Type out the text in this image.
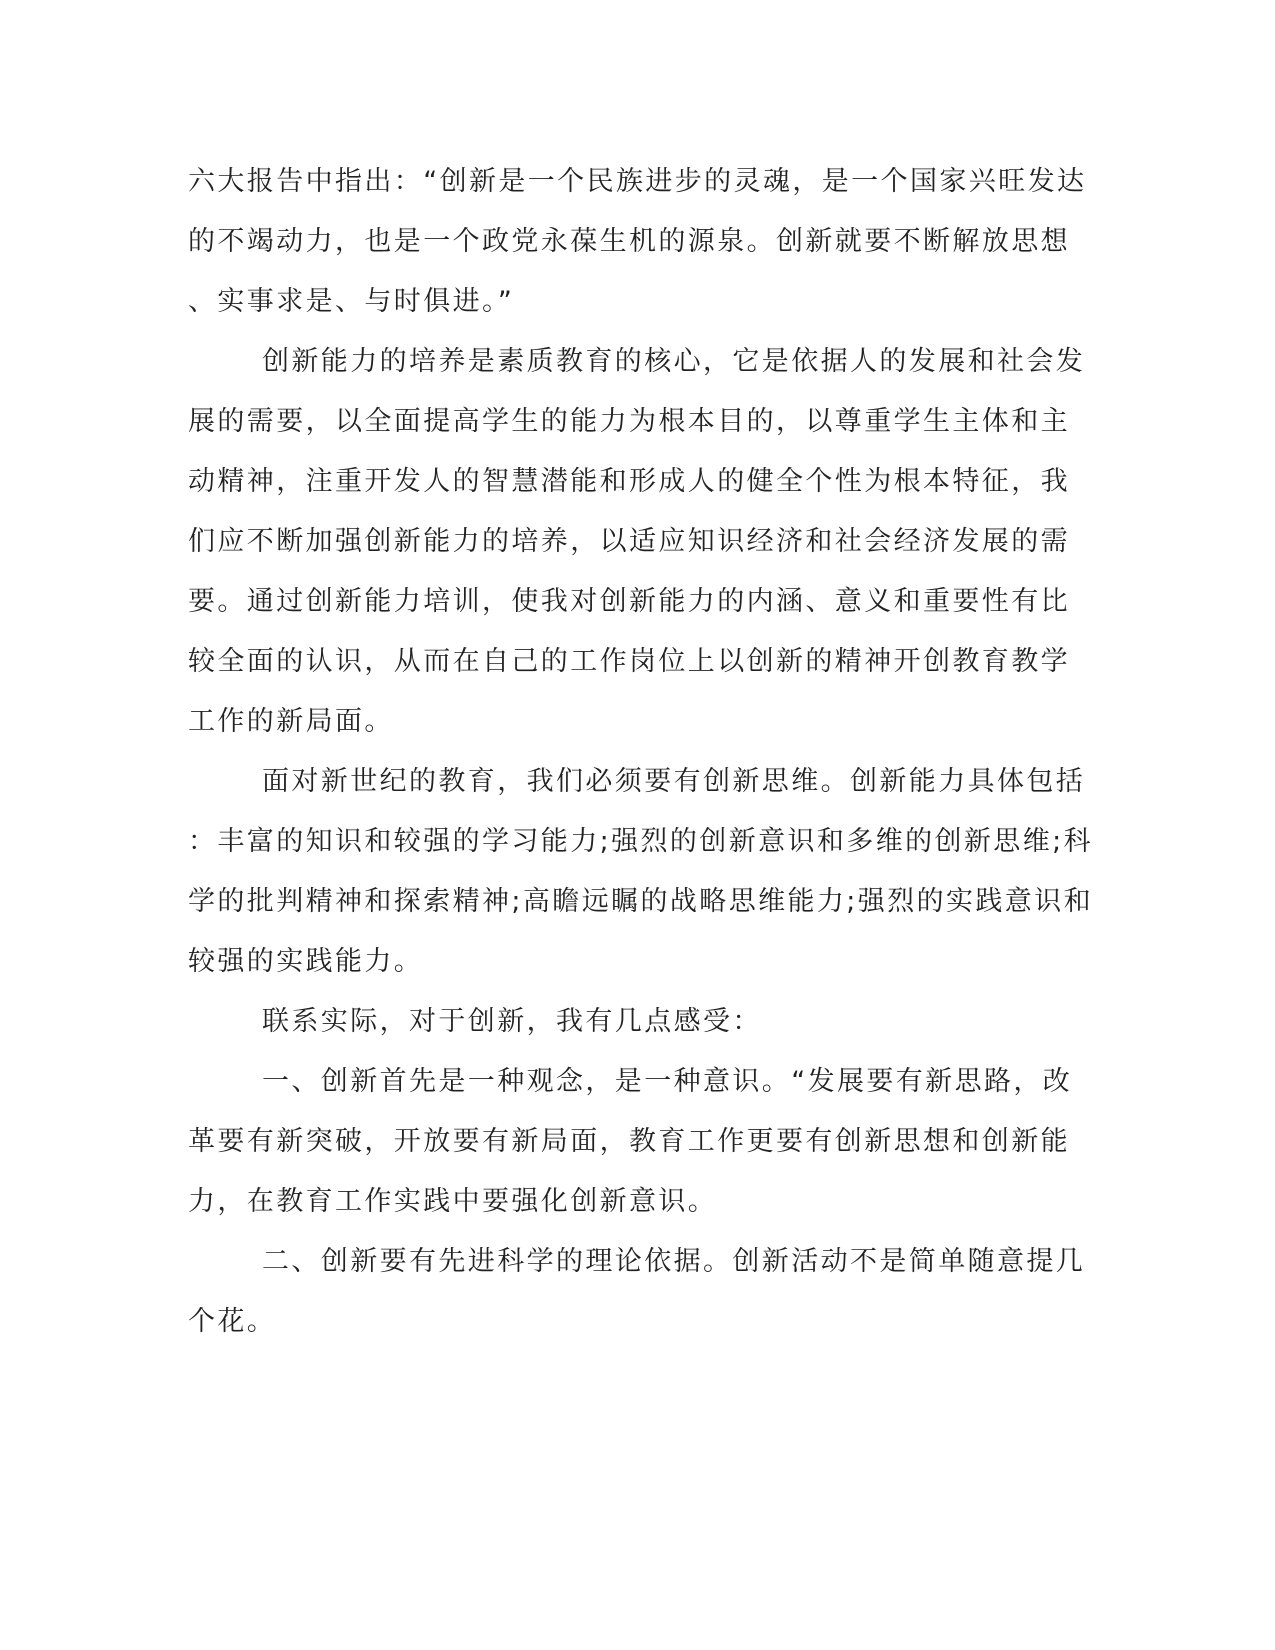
六大报告中指出：“创新是一个民族进步的灵魂，是一个国家兴旺发达
的不竭动力，也是一个政党永葆生机的源泉。创新就要不断解放思想
、实事求是、与时俱进。”
创新能力的培养是素质教育的核心，它是依据人的发展和社会发
展的需要，以全面提高学生的能力为根本目的，以尊重学生主体和主
动精神，注重开发人的智慧潜能和形成人的健全个性为根本特征，我
们应不断加强创新能力的培养，以适应知识经济和社会经济发展的需
要。通过创新能力培训，使我对创新能力的内涵、意义和重要性有比
较全面的认识，从而在自己的工作岗位上以创新的精神开创教育教学
工作的新局面。
面对新世纪的教育，我们必须要有创新思维。创新能力具体包括
：丰富的知识和较强的学习能力;强烈的创新意识和多维的创新思维;科
学的批判精神和探索精神;高瞻远瞩的战略思维能力;强烈的实践意识和
较强的实践能力。
联系实际，对于创新，我有几点感受：
一、创新首先是一种观念，是一种意识。“发展要有新思路，改
革要有新突破，开放要有新局面，教育工作更要有创新思想和创新能
力，在教育工作实践中要强化创新意识。
二、创新要有先进科学的理论依据。创新活动不是简单随意提几
个花。
